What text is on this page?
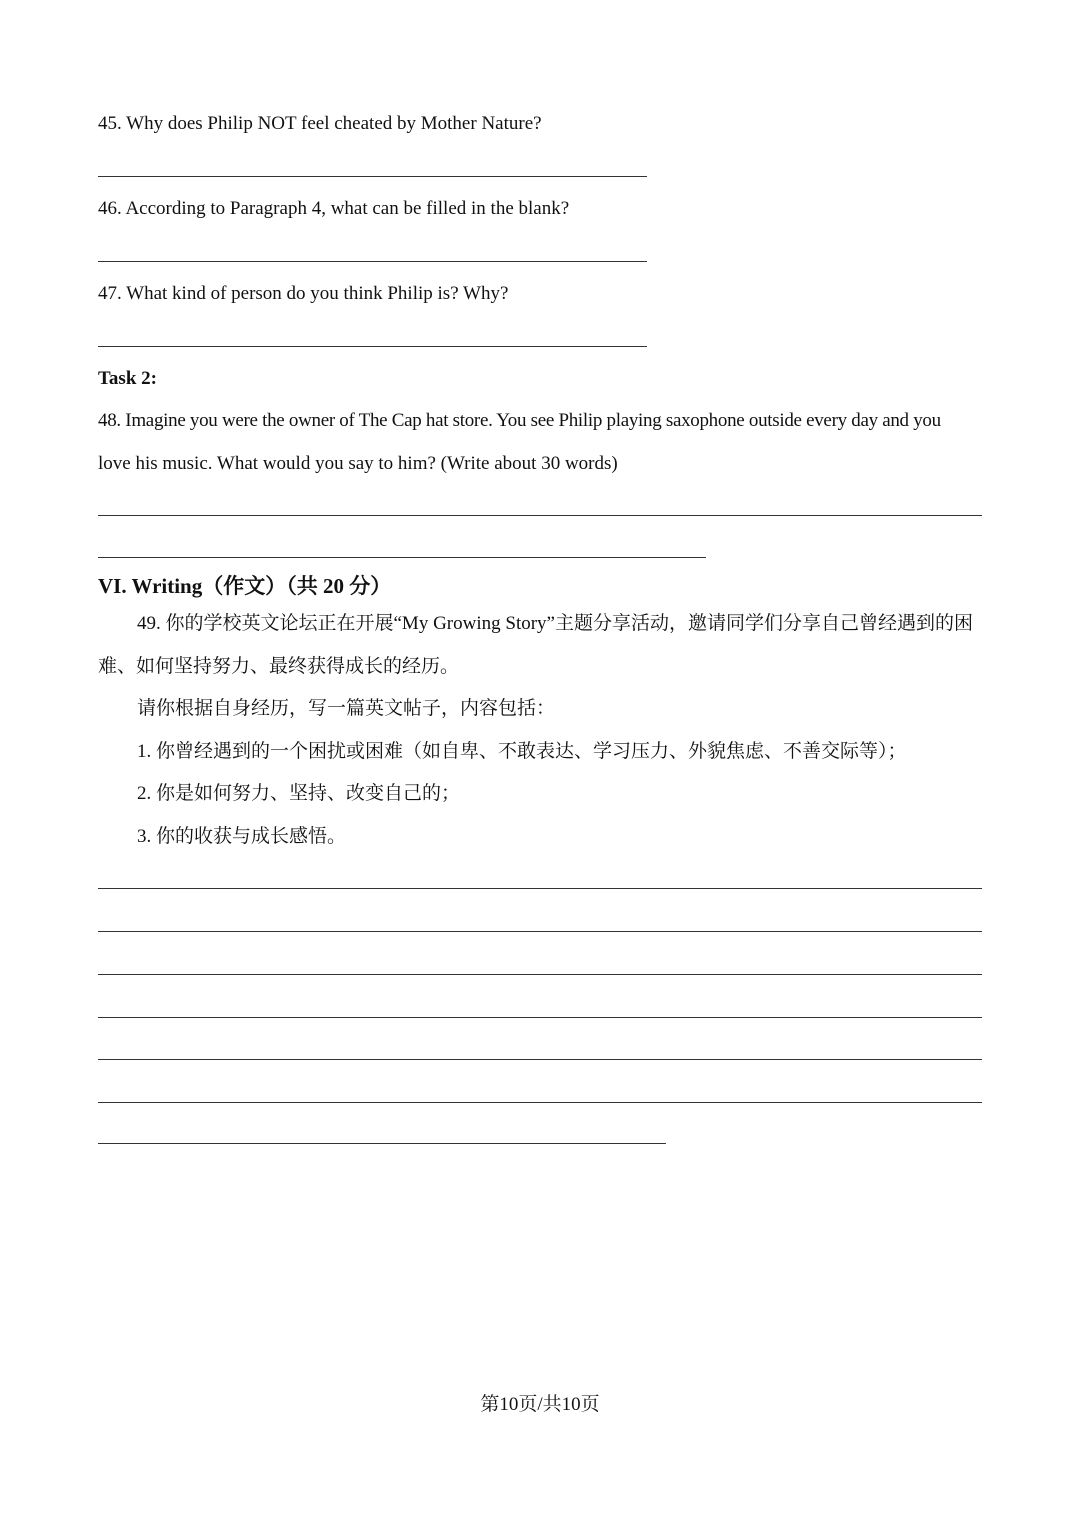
45. Why does Philip NOT feel cheated by Mother Nature?
46. According to Paragraph 4, what can be filled in the blank?
47. What kind of person do you think Philip is? Why?
Task 2:
48. Imagine you were the owner of The Cap hat store. You see Philip playing saxophone outside every day and you
love his music. What would you say to him? (Write about 30 words)
VI. Writing（作文）（共 20 分）
49. 你的学校英文论坛正在开展“My Growing Story”主题分享活动，邀请同学们分享自己曾经遇到的困
难、如何坚持努力、最终获得成长的经历。
请你根据自身经历，写一篇英文帖子，内容包括：
1. 你曾经遇到的一个困扰或困难（如自卑、不敢表达、学习压力、外貌焦虑、不善交际等）；
2. 你是如何努力、坚持、改变自己的；
3. 你的收获与成长感悟。
第10页/共10页
